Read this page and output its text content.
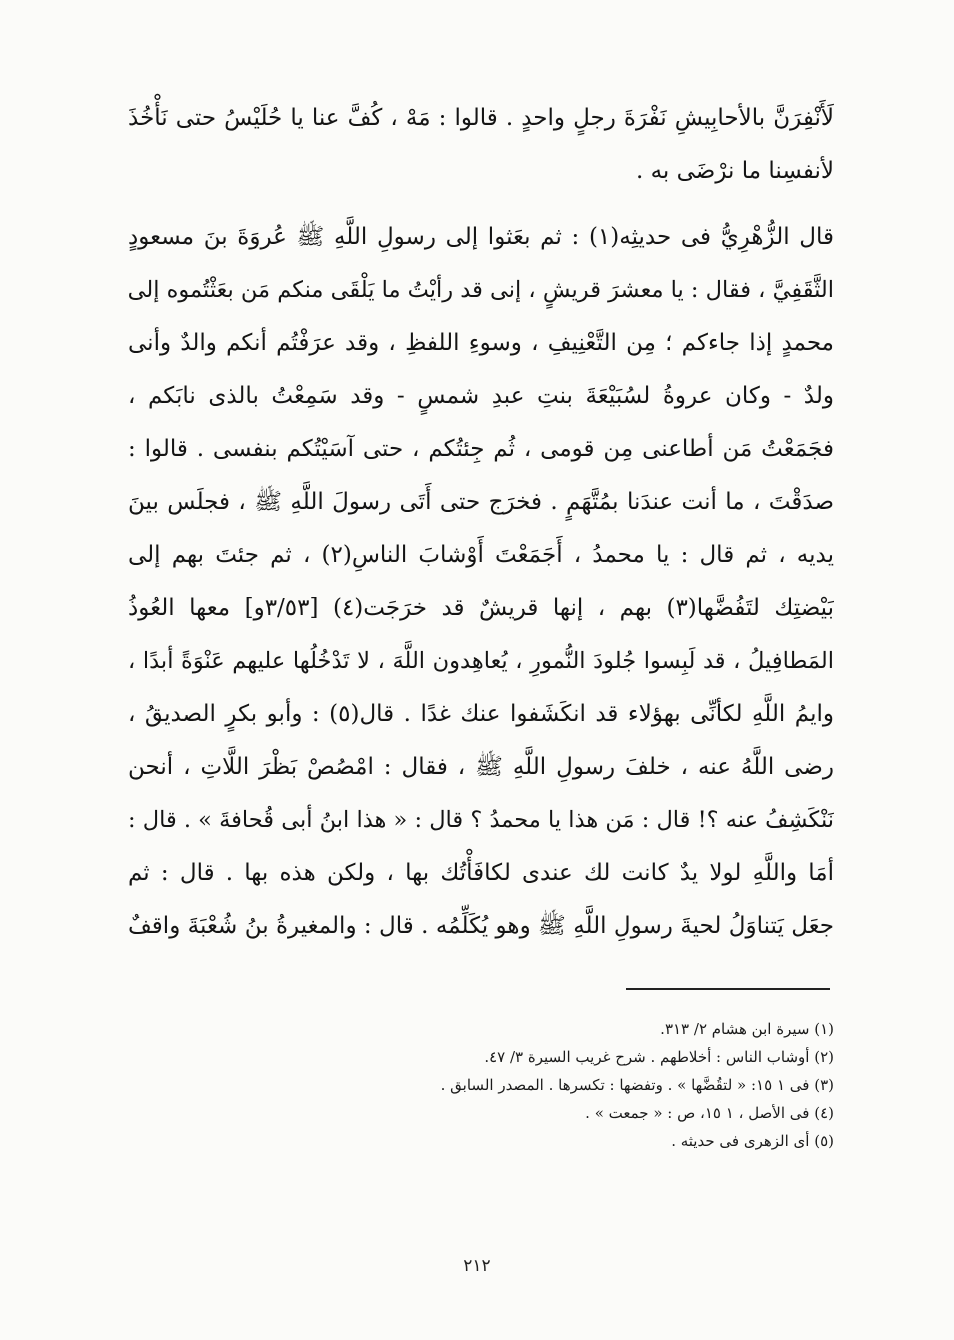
لَأَنْفِرَنَّ بالأحابِيشِ نَفْرَةَ رجلٍ واحدٍ . قالوا : مَهْ ، كُفَّ عنا يا حُلَيْسُ حتى نَأْخُذَ
لأنفسِنا ما نرْضَى به .
قال الزُّهْرِيُّ فى حديثِه(١) : ثم بعَثوا إلى رسولِ اللَّهِ ﷺ عُروَةَ بنَ مسعودٍ
الثَّقَفِيَّ ، فقال : يا معشرَ قريشٍ ، إنى قد رأيْتُ ما يَلْقَى منكم مَن بعَثْتُموه إلى
محمدٍ إذا جاءكم ؛ مِن التَّعْنِيفِ ، وسوءِ اللفظِ ، وقد عرَفْتُم أنكم والدٌ وأنى
ولدٌ - وكان عروةُ لسُبَيْعَةَ بنتِ عبدِ شمسٍ - وقد سَمِعْتُ بالذى نابَكم ،
فجَمَعْتُ مَن أطاعنى مِن قومى ، ثُم جِئتُكم ، حتى آسَيْتُكم بنفسى . قالوا :
صدَقْتَ ، ما أنت عندَنا بمُتَّهَمٍ . فخرَج حتى أَتَى رسولَ اللَّهِ ﷺ ، فجلَس بينَ
يديه ، ثم قال : يا محمدُ ، أَجَمَعْتَ أَوْشابَ الناسِ(٢) ، ثم جئتَ بهم إلى
بَيْضتِك لتَفُضَّها(٣) بهم ، إنها قريشٌ قد خرَجَت(٤) [٣/٥٣و] معها العُوذُ
المَطافِيلُ ، قد لَبِسوا جُلودَ النُّمورِ ، يُعاهِدون اللَّهَ ، لا تَدْخُلُها عليهم عَنْوَةً أبدًا ،
وايمُ اللَّهِ لكأنِّى بهؤلاء قد انكَشَفوا عنك غدًا . قال(٥) : وأبو بكرٍ الصديقُ ،
رضى اللَّهُ عنه ، خلفَ رسولِ اللَّهِ ﷺ ، فقال : امْصُصْ بَظْرَ اللَّاتِ ، أنحن
نَنْكَشِفُ عنه ؟! قال : مَن هذا يا محمدُ ؟ قال : « هذا ابنُ أبى قُحافةَ » . قال :
أمَا واللَّهِ لولا يدٌ كانت لك عندى لكافَأْتُك بها ، ولكن هذه بها . قال : ثم
جعَل يَتناوَلُ لحيةَ رسولِ اللَّهِ ﷺ وهو يُكَلِّمُه . قال : والمغيرةُ بنُ شُعْبَةَ واقفٌ
(١) سيرة ابن هشام ٢/ ٣١٣.
(٢) أوشاب الناس : أخلاطهم . شرح غريب السيرة ٣/ ٤٧.
(٣) فى ١ ١٥: « لتقُضَّها » . وتفضها : تكسرها . المصدر السابق .
(٤) فى الأصل ، ١ ١٥، ص : « جمعت » .
(٥) أى الزهرى فى حديثه .
٢١٢
